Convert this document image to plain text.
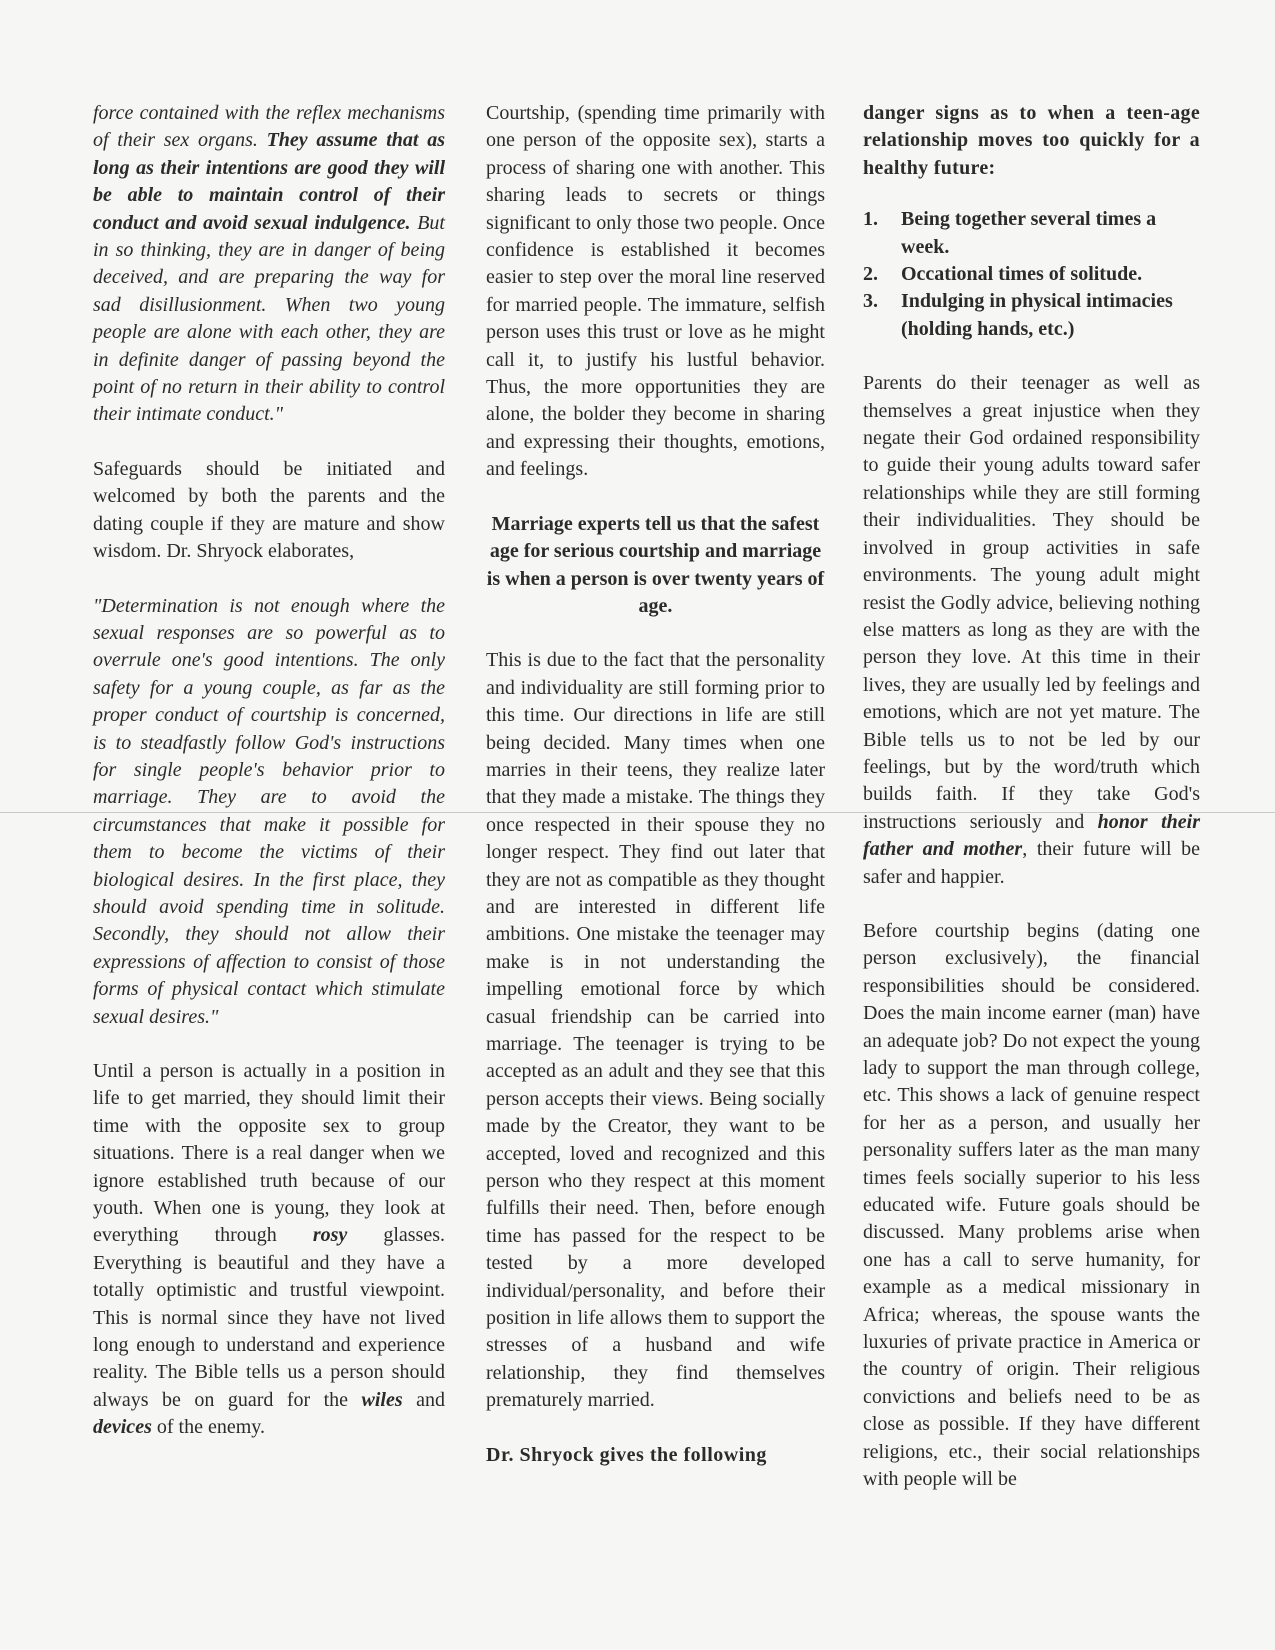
force contained with the reflex mechanisms of their sex organs. They assume that as long as their intentions are good they will be able to maintain control of their conduct and avoid sexual indulgence. But in so thinking, they are in danger of being deceived, and are preparing the way for sad disillusionment. When two young people are alone with each other, they are in definite danger of passing beyond the point of no return in their ability to control their intimate conduct."

Safeguards should be initiated and welcomed by both the parents and the dating couple if they are mature and show wisdom. Dr. Shryock elaborates,

"Determination is not enough where the sexual responses are so powerful as to overrule one's good intentions. The only safety for a young couple, as far as the proper conduct of courtship is concerned, is to steadfastly follow God's instructions for single people's behavior prior to marriage. They are to avoid the circumstances that make it possible for them to become the victims of their biological desires. In the first place, they should avoid spending time in solitude. Secondly, they should not allow their expressions of affection to consist of those forms of physical contact which stimulate sexual desires."

Until a person is actually in a position in life to get married, they should limit their time with the opposite sex to group situations. There is a real danger when we ignore established truth because of our youth. When one is young, they look at everything through rosy glasses. Everything is beautiful and they have a totally optimistic and trustful viewpoint. This is normal since they have not lived long enough to understand and experience reality. The Bible tells us a person should always be on guard for the wiles and devices of the enemy.

Courtship, (spending time primarily with one person of the opposite sex), starts a process of sharing one with another. This sharing leads to secrets or things significant to only those two people. Once confidence is established it becomes easier to step over the moral line reserved for married people. The immature, selfish person uses this trust or love as he might call it, to justify his lustful behavior. Thus, the more opportunities they are alone, the bolder they become in sharing and expressing their thoughts, emotions, and feelings.

Marriage experts tell us that the safest age for serious courtship and marriage is when a person is over twenty years of age.

This is due to the fact that the personality and individuality are still forming prior to this time. Our directions in life are still being decided. Many times when one marries in their teens, they realize later that they made a mistake. The things they once respected in their spouse they no longer respect. They find out later that they are not as compatible as they thought and are interested in different life ambitions. One mistake the teenager may make is in not understanding the impelling emotional force by which casual friendship can be carried into marriage. The teenager is trying to be accepted as an adult and they see that this person accepts their views. Being socially made by the Creator, they want to be accepted, loved and recognized and this person who they respect at this moment fulfills their need. Then, before enough time has passed for the respect to be tested by a more developed individual/personality, and before their position in life allows them to support the stresses of a husband and wife relationship, they find themselves prematurely married.

Dr. Shryock gives the following

danger signs as to when a teen-age relationship moves too quickly for a healthy future:

1. Being together several times a week.
2. Occational times of solitude.
3. Indulging in physical intimacies (holding hands, etc.)

Parents do their teenager as well as themselves a great injustice when they negate their God ordained responsibility to guide their young adults toward safer relationships while they are still forming their individualities. They should be involved in group activities in safe environments. The young adult might resist the Godly advice, believing nothing else matters as long as they are with the person they love. At this time in their lives, they are usually led by feelings and emotions, which are not yet mature. The Bible tells us to not be led by our feelings, but by the word/truth which builds faith. If they take God's instructions seriously and honor their father and mother, their future will be safer and happier.

Before courtship begins (dating one person exclusively), the financial responsibilities should be considered. Does the main income earner (man) have an adequate job? Do not expect the young lady to support the man through college, etc. This shows a lack of genuine respect for her as a person, and usually her personality suffers later as the man many times feels socially superior to his less educated wife. Future goals should be discussed. Many problems arise when one has a call to serve humanity, for example as a medical missionary in Africa; whereas, the spouse wants the luxuries of private practice in America or the country of origin. Their religious convictions and beliefs need to be as close as possible. If they have different religions, etc., their social relationships with people will be
